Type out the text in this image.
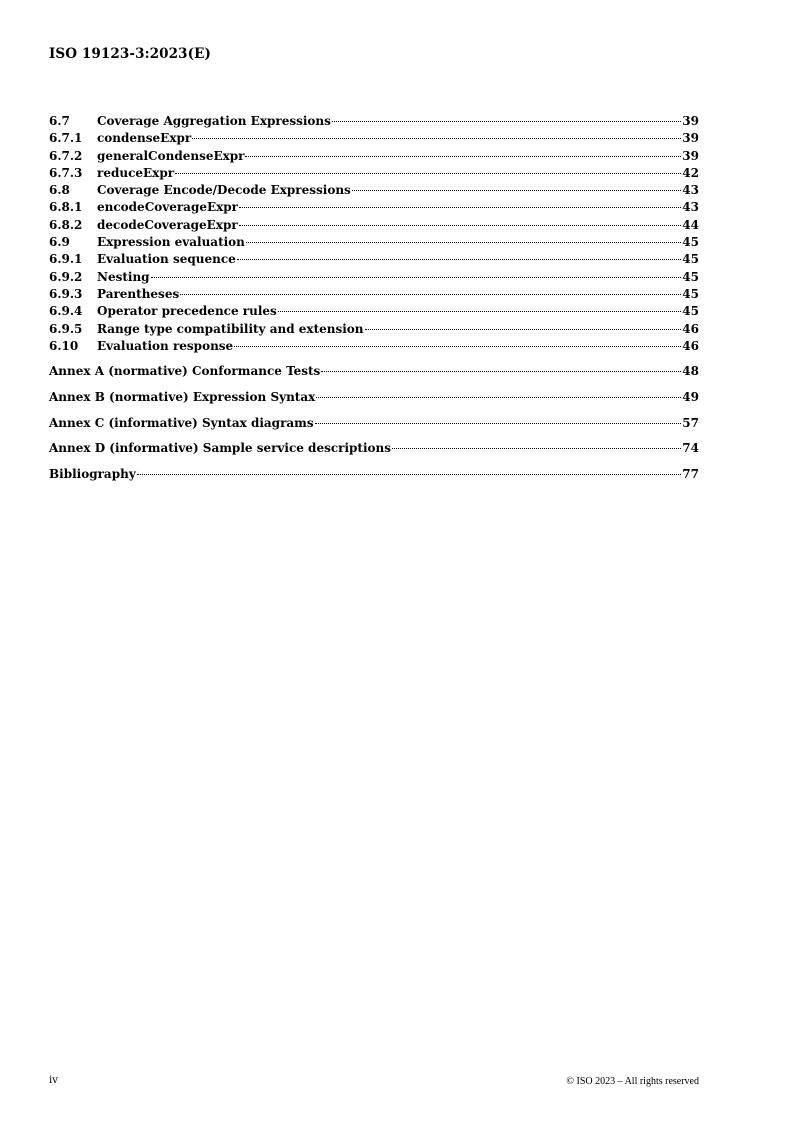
ISO 19123-3:2023(E)
6.7	Coverage Aggregation Expressions	39
6.7.1	condenseExpr	39
6.7.2	generalCondenseExpr	39
6.7.3	reduceExpr	42
6.8	Coverage Encode/Decode Expressions	43
6.8.1	encodeCoverageExpr	43
6.8.2	decodeCoverageExpr	44
6.9	Expression evaluation	45
6.9.1	Evaluation sequence	45
6.9.2	Nesting	45
6.9.3	Parentheses	45
6.9.4	Operator precedence rules	45
6.9.5	Range type compatibility and extension	46
6.10	Evaluation response	46
Annex A (normative) Conformance Tests	48
Annex B (normative) Expression Syntax	49
Annex C (informative) Syntax diagrams	57
Annex D (informative) Sample service descriptions	74
Bibliography	77
iv	© ISO 2023 – All rights reserved
